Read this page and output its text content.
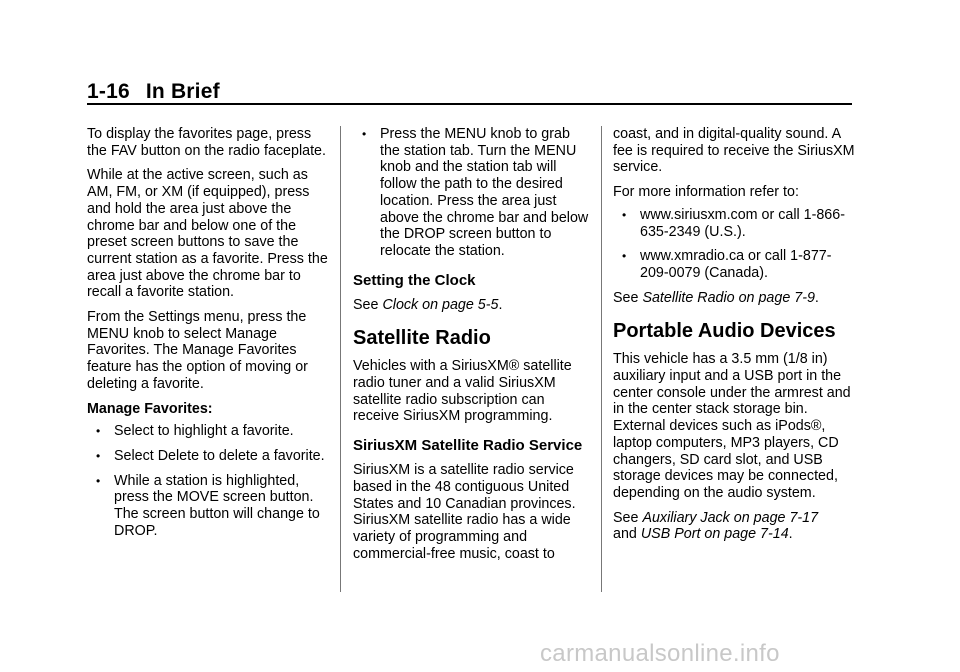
1-16 In Brief

To display the favorites page, press the FAV button on the radio faceplate.

While at the active screen, such as AM, FM, or XM (if equipped), press and hold the area just above the chrome bar and below one of the preset screen buttons to save the current station as a favorite. Press the area just above the chrome bar to recall a favorite station.

From the Settings menu, press the MENU knob to select Manage Favorites. The Manage Favorites feature has the option of moving or deleting a favorite.

Manage Favorites:

• Select to highlight a favorite.
• Select Delete to delete a favorite.
• While a station is highlighted, press the MOVE screen button. The screen button will change to DROP.
• Press the MENU knob to grab the station tab. Turn the MENU knob and the station tab will follow the path to the desired location. Press the area just above the chrome bar and below the DROP screen button to relocate the station.
Setting the Clock

See Clock on page 5-5.

Satellite Radio

Vehicles with a SiriusXM® satellite radio tuner and a valid SiriusXM satellite radio subscription can receive SiriusXM programming.

SiriusXM Satellite Radio Service

SiriusXM is a satellite radio service based in the 48 contiguous United States and 10 Canadian provinces. SiriusXM satellite radio has a wide variety of programming and commercial-free music, coast to

coast, and in digital-quality sound. A fee is required to receive the SiriusXM service.

For more information refer to:

• www.siriusxm.com or call 1-866-635-2349 (U.S.).
• www.xmradio.ca or call 1-877-209-0079 (Canada).

See Satellite Radio on page 7-9.

Portable Audio Devices

This vehicle has a 3.5 mm (1/8 in) auxiliary input and a USB port in the center console under the armrest and in the center stack storage bin. External devices such as iPods®, laptop computers, MP3 players, CD changers, SD card slot, and USB storage devices may be connected, depending on the audio system.

See Auxiliary Jack on page 7-17
and USB Port on page 7-14.

carmanualsonline.info
